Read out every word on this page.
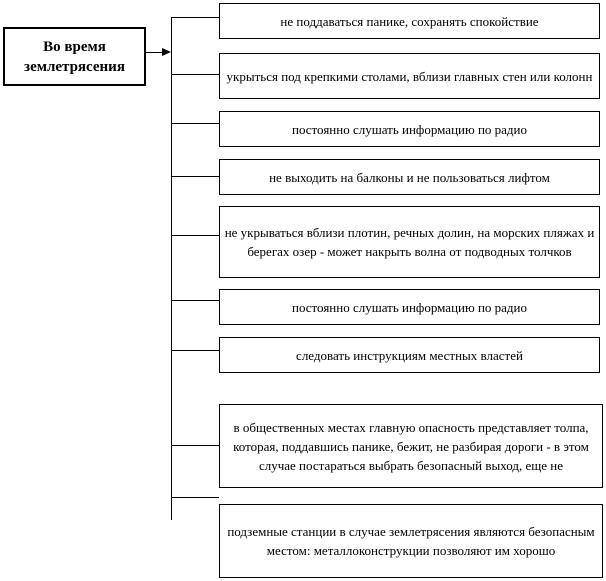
Во время землетрясения
не поддаваться панике, сохранять спокойствие
укрыться под крепкими столами, вблизи главных стен или колонн
постоянно слушать информацию по радио
не выходить на балконы и не пользоваться лифтом
не укрываться вблизи плотин, речных долин, на морских пляжах и берегах озер - может накрыть волна от подводных толчков
постоянно слушать информацию по радио
следовать инструкциям местных властей
в общественных местах главную опасность представляет толпа, которая, поддавшись панике, бежит, не разбирая дороги - в этом случае постараться выбрать безопасный выход, еще не
подземные станции в случае землетрясения являются безопасным местом: металлоконструкции позволяют им хорошо
